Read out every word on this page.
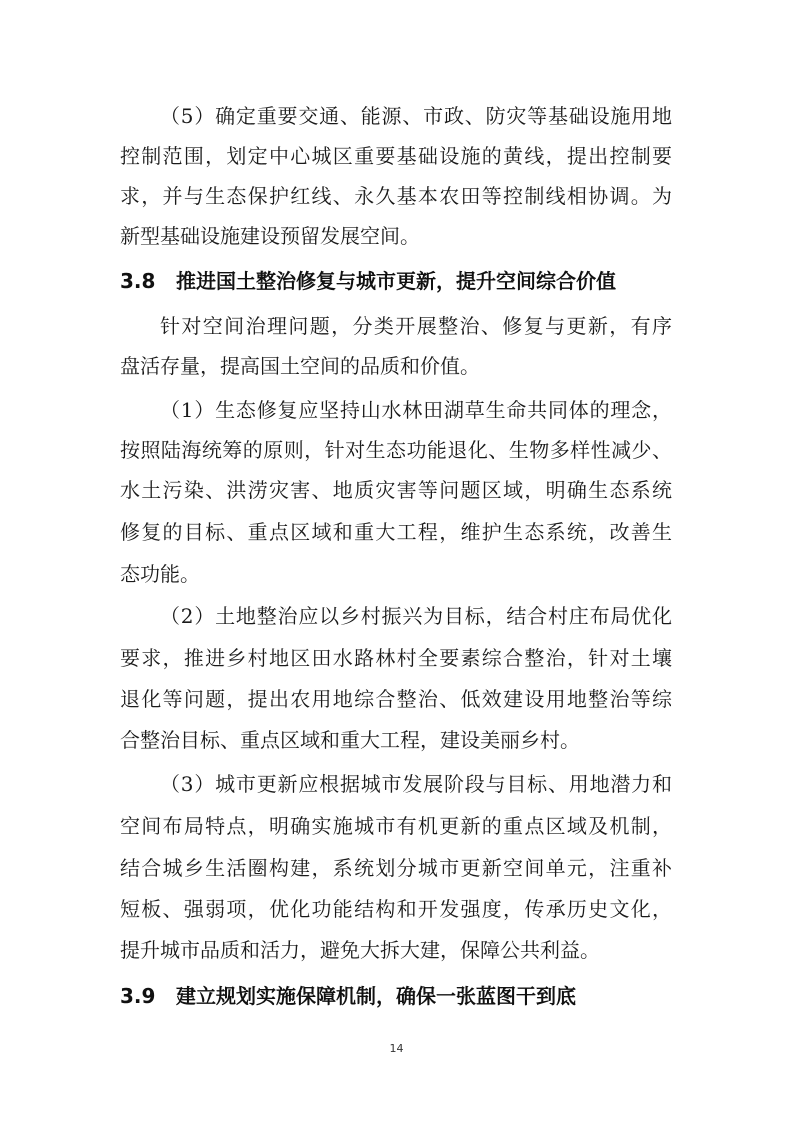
（5）确定重要交通、能源、市政、防灾等基础设施用地
控制范围，划定中心城区重要基础设施的黄线，提出控制要
求，并与生态保护红线、永久基本农田等控制线相协调。为
新型基础设施建设预留发展空间。
3.8 推进国土整治修复与城市更新，提升空间综合价值
针对空间治理问题，分类开展整治、修复与更新，有序
盘活存量，提高国土空间的品质和价值。
（1）生态修复应坚持山水林田湖草生命共同体的理念，
按照陆海统筹的原则，针对生态功能退化、生物多样性减少、
水土污染、洪涝灾害、地质灾害等问题区域，明确生态系统
修复的目标、重点区域和重大工程，维护生态系统，改善生
态功能。
（2）土地整治应以乡村振兴为目标，结合村庄布局优化
要求，推进乡村地区田水路林村全要素综合整治，针对土壤
退化等问题，提出农用地综合整治、低效建设用地整治等综
合整治目标、重点区域和重大工程，建设美丽乡村。
（3）城市更新应根据城市发展阶段与目标、用地潜力和
空间布局特点，明确实施城市有机更新的重点区域及机制，
结合城乡生活圈构建，系统划分城市更新空间单元，注重补
短板、强弱项，优化功能结构和开发强度，传承历史文化，
提升城市品质和活力，避免大拆大建，保障公共利益。
3.9 建立规划实施保障机制，确保一张蓝图干到底
14
